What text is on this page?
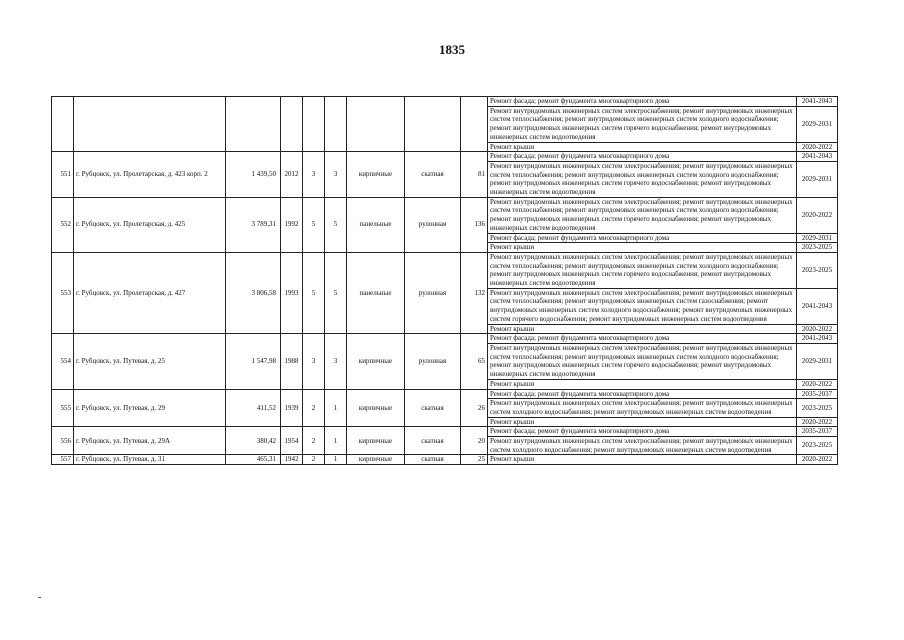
1835
									Ремонт фасада; ремонт фундамента многоквартирного дома	2041-2043
									Ремонт внутридомовых инженерных систем электроснабжения; ремонт внутридомовых инженерных систем теплоснабжения; ремонт внутридомовых инженерных систем холодного водоснабжения; ремонт внутридомовых инженерных систем горячего водоснабжения; ремонт внутридомовых инженерных систем водоотведения	2029-2031
									Ремонт крыши	2020-2022
551	г. Рубцовск, ул. Пролетарская, д. 423 корп. 2	1 439,50	2012	3	3	кирпичные	скатная	81	Ремонт фасада; ремонт фундамента многоквартирного дома	2041-2043
									Ремонт внутридомовых инженерных систем электроснабжения; ремонт внутридомовых инженерных систем теплоснабжения; ремонт внутридомовых инженерных систем холодного водоснабжения; ремонт внутридомовых инженерных систем горячего водоснабжения; ремонт внутридомовых инженерных систем водоотведения	2029-2031
552	г. Рубцовск, ул. Пролетарская, д. 425	3 789,31	1992	5	5	панельные	рулонная	136	Ремонт внутридомовых инженерных систем электроснабжения; ремонт внутридомовых инженерных систем теплоснабжения; ремонт внутридомовых инженерных систем холодного водоснабжения; ремонт внутридомовых инженерных систем горячего водоснабжения; ремонт внутридомовых инженерных систем водоотведения	2020-2022
									Ремонт фасада; ремонт фундамента многоквартирного дома	2029-2031
									Ремонт крыши	2023-2025
553	г. Рубцовск, ул. Пролетарская, д. 427	3 806,58	1993	5	5	панельные	рулонная	132	Ремонт внутридомовых инженерных систем электроснабжения; ремонт внутридомовых инженерных систем теплоснабжения; ремонт внутридомовых инженерных систем холодного водоснабжения; ремонт внутридомовых инженерных систем горячего водоснабжения; ремонт внутридомовых инженерных систем водоотведения	2023-2025
									Ремонт внутридомовых инженерных систем электроснабжения; ремонт внутридомовых инженерных систем теплоснабжения; ремонт внутридомовых инженерных систем газоснабжения; ремонт внутридомовых инженерных систем холодного водоснабжения; ремонт внутридомовых инженерных систем горячего водоснабжения; ремонт внутридомовых инженерных систем водоотведения	2041-2043
									Ремонт крыши	2020-2022
554	г. Рубцовск, ул. Путевая, д. 25	1 547,98	1988	3	3	кирпичные	рулонная	65	Ремонт фасада; ремонт фундамента многоквартирного дома	2041-2043
									Ремонт внутридомовых инженерных систем электроснабжения; ремонт внутридомовых инженерных систем теплоснабжения; ремонт внутридомовых инженерных систем холодного водоснабжения; ремонт внутридомовых инженерных систем горячего водоснабжения; ремонт внутридомовых инженерных систем водоотведения	2029-2031
									Ремонт крыши	2020-2022
555	г. Рубцовск, ул. Путевая, д. 29	411,52	1939	2	1	кирпичные	скатная	26	Ремонт фасада; ремонт фундамента многоквартирного дома	2035-2037
									Ремонт внутридомовых инженерных систем электроснабжения; ремонт внутридомовых инженерных систем холодного водоснабжения; ремонт внутридомовых инженерных систем водоотведения	2023-2025
									Ремонт крыши	2020-2022
556	г. Рубцовск, ул. Путевая, д. 29А	380,42	1954	2	1	кирпичные	скатная	20	Ремонт фасада; ремонт фундамента многоквартирного дома	2035-2037
									Ремонт внутридомовых инженерных систем электроснабжения; ремонт внутридомовых инженерных систем холодного водоснабжения; ремонт внутридомовых инженерных систем водоотведения	2023-2025
557	г. Рубцовск, ул. Путевая, д. 31	465,31	1942	2	1	кирпичные	скатная	25	Ремонт крыши	2020-2022
-
